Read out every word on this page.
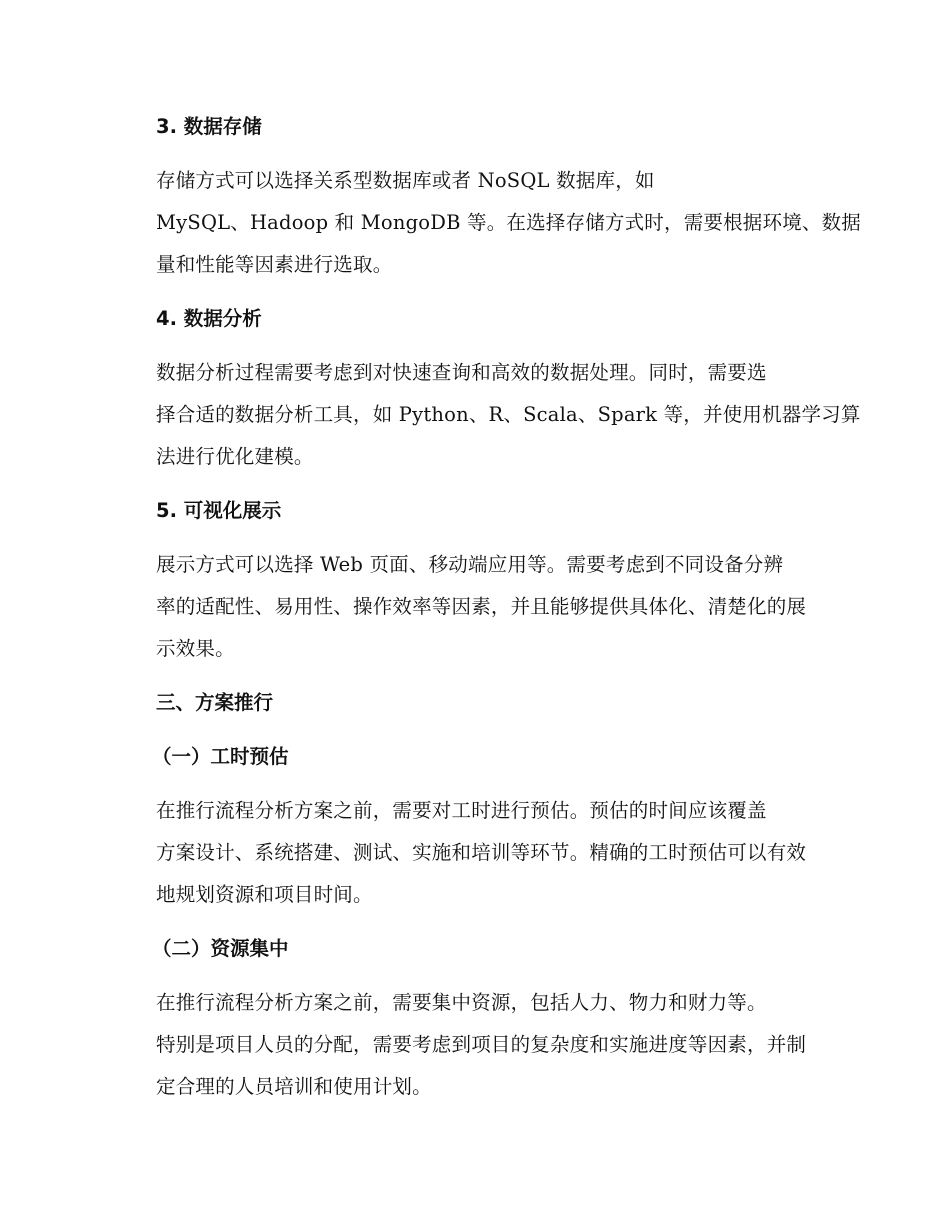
3. 数据存储
存储方式可以选择关系型数据库或者 NoSQL 数据库，如
MySQL、Hadoop 和 MongoDB 等。在选择存储方式时，需要根据环境、数据
量和性能等因素进行选取。
4. 数据分析
数据分析过程需要考虑到对快速查询和高效的数据处理。同时，需要选
择合适的数据分析工具，如 Python、R、Scala、Spark 等，并使用机器学习算
法进行优化建模。
5. 可视化展示
展示方式可以选择 Web 页面、移动端应用等。需要考虑到不同设备分辨
率的适配性、易用性、操作效率等因素，并且能够提供具体化、清楚化的展
示效果。
三、方案推行
（一）工时预估
在推行流程分析方案之前，需要对工时进行预估。预估的时间应该覆盖
方案设计、系统搭建、测试、实施和培训等环节。精确的工时预估可以有效
地规划资源和项目时间。
（二）资源集中
在推行流程分析方案之前，需要集中资源，包括人力、物力和财力等。
特别是项目人员的分配，需要考虑到项目的复杂度和实施进度等因素，并制
定合理的人员培训和使用计划。
